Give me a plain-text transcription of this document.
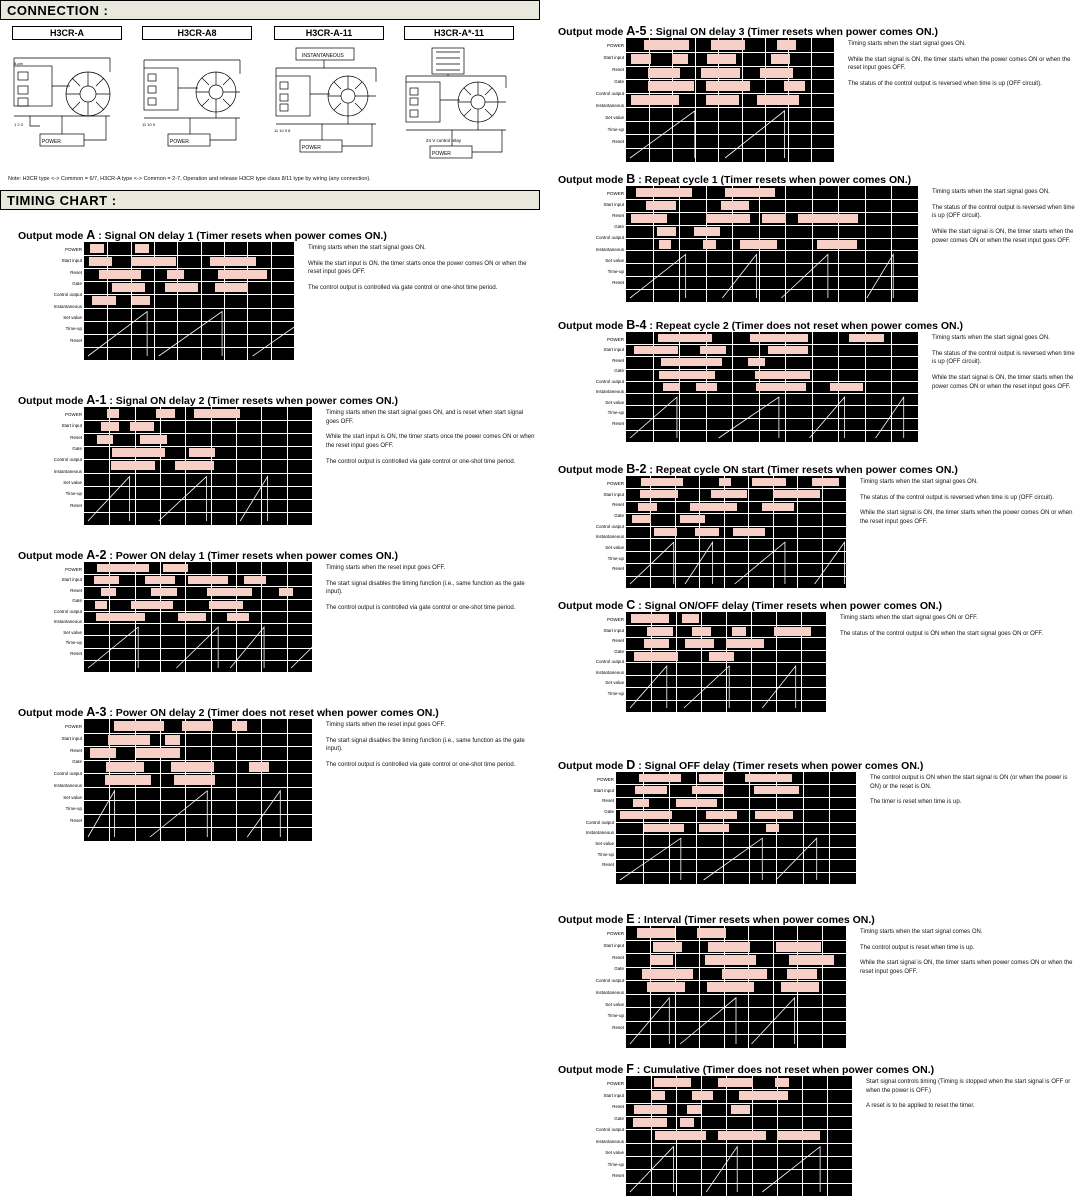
CONNECTION :
H3CR-A	H3CR-A8	H3CR-A-11	H3CR-A*-11
POWER
1 2 3
8-pin
POWER
11 10 9
INSTANTANEOUS
POWER
11 10 9 8
24 V control relay
POWER
Note: H3CR type <-> Common = 6/7, H3CR-A type <-> Common = 2-7, Operation and release H3CR type class 8/11 type by wiring (any connection).
TIMING CHART :
Output mode A : Signal ON delay 1 (Timer resets when power comes ON.)
POWER
Start input
Reset
Gate
Control output
Instantaneous
Set value
Time-up
Reset

Timing starts when the start signal goes ON.

While the start input is ON, the timer starts once the power comes ON or when the reset input goes OFF.

The control output is controlled via gate control or one-shot time period.

Output mode A-1 : Signal ON delay 2 (Timer resets when power comes ON.)
POWER
Start input
Reset
Gate
Control output
Instantaneous
Set value
Time-up
Reset

Timing starts when the start signal goes ON, and is reset when start signal goes OFF.

While the start input is ON, the timer starts once the power comes ON or when the reset input goes OFF.

The control output is controlled via gate control or one-shot time period.

Output mode A-2 : Power ON delay 1 (Timer resets when power comes ON.)
POWER
Start input
Reset
Gate
Control output
Instantaneous
Set value
Time-up
Reset

Timing starts when the reset input goes OFF.

The start signal disables the timing function (i.e., same function as the gate input).

The control output is controlled via gate control or one-shot time period.

Output mode A-3 : Power ON delay 2 (Timer does not reset when power comes ON.)
POWER
Start input
Reset
Gate
Control output
Instantaneous
Set value
Time-up
Reset

Timing starts when the reset input goes OFF.

The start signal disables the timing function (i.e., same function as the gate input).

The control output is controlled via gate control or one-shot time period.

Output mode A-5 : Signal ON delay 3 (Timer resets when power comes ON.)
POWER
Start input
Reset
Gate
Control output
Instantaneous
Set value
Time-up
Reset

Timing starts when the start signal goes ON.

While the start signal is ON, the timer starts when the power comes ON or when the reset input goes OFF.

The status of the control output is reversed when time is up (OFF circuit).

Output mode B : Repeat cycle 1 (Timer resets when power comes ON.)
POWER
Start input
Reset
Gate
Control output
Instantaneous
Set value
Time-up
Reset

Timing starts when the start signal goes ON.

The status of the control output is reversed when time is up (OFF circuit).

While the start signal is ON, the timer starts when the power comes ON or when the reset input goes OFF.

Output mode B-4 : Repeat cycle 2 (Timer does not reset when power comes ON.)
POWER
Start input
Reset
Gate
Control output
Instantaneous
Set value
Time-up
Reset

Timing starts when the start signal goes ON.

The status of the control output is reversed when time is up (OFF circuit).

While the start signal is ON, the timer starts when the power comes ON or when the reset input goes OFF.

Output mode B-2 : Repeat cycle ON start (Timer resets when power comes ON.)
POWER
Start input
Reset
Gate
Control output
Instantaneous
Set value
Time-up
Reset

Timing starts when the start signal goes ON.

The status of the control output is reversed when time is up (OFF circuit).

While the start signal is ON, the timer starts when the power comes ON or when the reset input goes OFF.

Output mode C : Signal ON/OFF delay (Timer resets when power comes ON.)
POWER
Start input
Reset
Gate
Control output
Instantaneous
Set value
Time-up

Timing starts when the start signal goes ON or OFF.

The status of the control output is ON when the start signal goes ON or OFF.

Output mode D : Signal OFF delay (Timer resets when power comes ON.)
POWER
Start input
Reset
Gate
Control output
Instantaneous
Set value
Time-up
Reset

The control output is ON when the start signal is ON (or when the power is ON) or the reset is ON.

The timer is reset when time is up.

Output mode E : Interval (Timer resets when power comes ON.)
POWER
Start input
Reset
Gate
Control output
Instantaneous
Set value
Time-up
Reset

Timing starts when the start signal comes ON.

The control output is reset when time is up.

While the start signal is ON, the timer starts when power comes ON or when the reset input goes OFF.

Output mode F : Cumulative (Timer does not reset when power comes ON.)
POWER
Start input
Reset
Gate
Control output
Instantaneous
Set value
Time-up
Reset

Start signal controls timing (Timing is stopped when the start signal is OFF or when the power is OFF.)

A reset is to be applied to reset the timer.
